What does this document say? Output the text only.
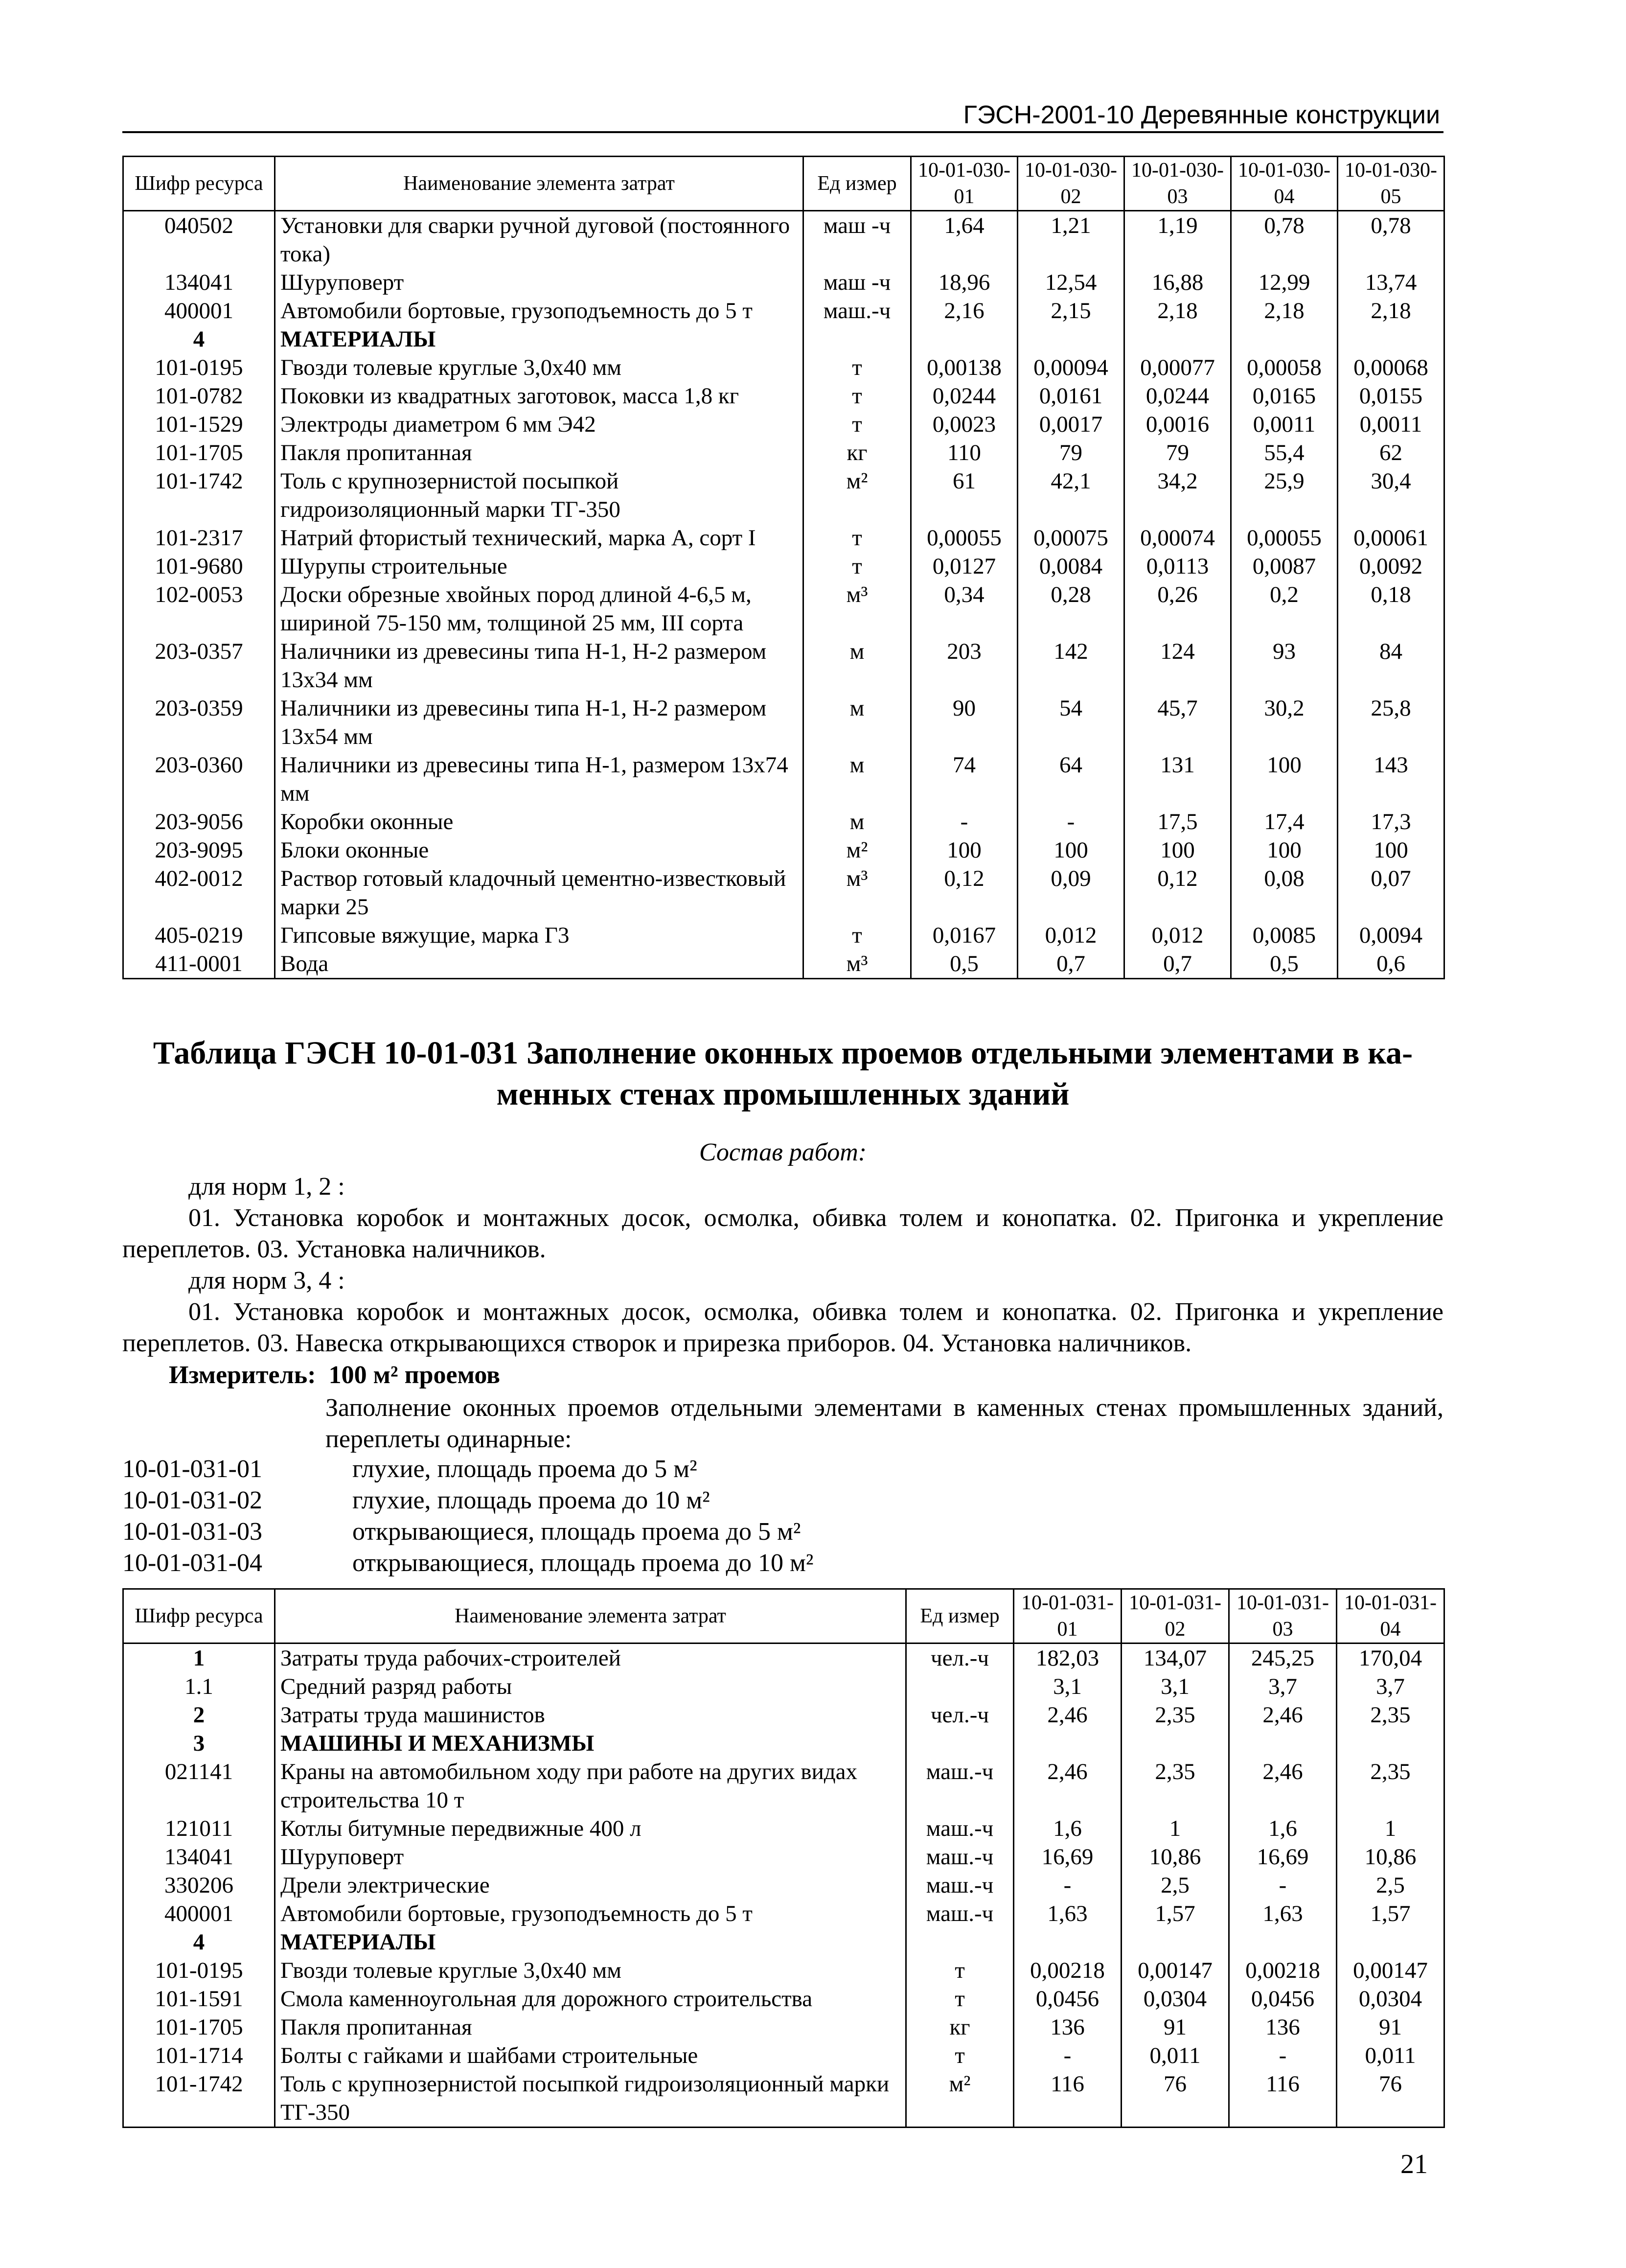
ГЭСН-2001-10 Деревянные конструкции
Шифр ресурса	Наименование элемента затрат	Ед измер	10-01-030-01	10-01-030-02	10-01-030-03	10-01-030-04	10-01-030-05
040502	Установки для сварки ручной дуговой (постоянного тока)	маш -ч	1,64	1,21	1,19	0,78	0,78
134041	Шуруповерт	маш -ч	18,96	12,54	16,88	12,99	13,74
400001	Автомобили бортовые, грузоподъемность до 5 т	маш.-ч	2,16	2,15	2,18	2,18	2,18
4	МАТЕРИАЛЫ						
101-0195	Гвозди толевые круглые 3,0х40 мм	т	0,00138	0,00094	0,00077	0,00058	0,00068
101-0782	Поковки из квадратных заготовок, масса 1,8 кг	т	0,0244	0,0161	0,0244	0,0165	0,0155
101-1529	Электроды диаметром 6 мм Э42	т	0,0023	0,0017	0,0016	0,0011	0,0011
101-1705	Пакля пропитанная	кг	110	79	79	55,4	62
101-1742	Толь с крупнозернистой посыпкой гидроизоляционный марки ТГ-350	м²	61	42,1	34,2	25,9	30,4
101-2317	Натрий фтористый технический, марка А, сорт I	т	0,00055	0,00075	0,00074	0,00055	0,00061
101-9680	Шурупы строительные	т	0,0127	0,0084	0,0113	0,0087	0,0092
102-0053	Доски обрезные хвойных пород длиной 4-6,5 м, шириной 75-150 мм, толщиной 25 мм, III сорта	м³	0,34	0,28	0,26	0,2	0,18
203-0357	Наличники из древесины типа Н-1, Н-2 размером 13х34 мм	м	203	142	124	93	84
203-0359	Наличники из древесины типа Н-1, Н-2 размером 13х54 мм	м	90	54	45,7	30,2	25,8
203-0360	Наличники из древесины типа Н-1, размером 13х74 мм	м	74	64	131	100	143
203-9056	Коробки оконные	м	-	-	17,5	17,4	17,3
203-9095	Блоки оконные	м²	100	100	100	100	100
402-0012	Раствор готовый кладочный цементно-известковый марки 25	м³	0,12	0,09	0,12	0,08	0,07
405-0219	Гипсовые вяжущие, марка Г3	т	0,0167	0,012	0,012	0,0085	0,0094
411-0001	Вода	м³	0,5	0,7	0,7	0,5	0,6
Таблица ГЭСН 10-01-031 Заполнение оконных проемов отдельными элементами в ка-
менных стенах промышленных зданий
Состав работ:
для норм 1, 2 :
01. Установка коробок и монтажных досок, осмолка, обивка толем и конопатка. 02. Пригонка и укрепление переплетов. 03. Установка наличников.
для норм 3, 4 :
01. Установка коробок и монтажных досок, осмолка, обивка толем и конопатка. 02. Пригонка и укрепление переплетов. 03. Навеска открывающихся створок и прирезка приборов. 04. Установка наличников.
Измеритель: 100 м² проемов
Заполнение оконных проемов отдельными элементами в каменных стенах промышленных зданий, переплеты одинарные:
10-01-031-01	глухие, площадь проема до 5 м²
10-01-031-02	глухие, площадь проема до 10 м²
10-01-031-03	открывающиеся, площадь проема до 5 м²
10-01-031-04	открывающиеся, площадь проема до 10 м²
Шифр ресурса	Наименование элемента затрат	Ед измер	10-01-031-01	10-01-031-02	10-01-031-03	10-01-031-04
1	Затраты труда рабочих-строителей	чел.-ч	182,03	134,07	245,25	170,04
1.1	Средний разряд работы		3,1	3,1	3,7	3,7
2	Затраты труда машинистов	чел.-ч	2,46	2,35	2,46	2,35
3	МАШИНЫ И МЕХАНИЗМЫ					
021141	Краны на автомобильном ходу при работе на других видах строительства 10 т	маш.-ч	2,46	2,35	2,46	2,35
121011	Котлы битумные передвижные 400 л	маш.-ч	1,6	1	1,6	1
134041	Шуруповерт	маш.-ч	16,69	10,86	16,69	10,86
330206	Дрели электрические	маш.-ч	-	2,5	-	2,5
400001	Автомобили бортовые, грузоподъемность до 5 т	маш.-ч	1,63	1,57	1,63	1,57
4	МАТЕРИАЛЫ					
101-0195	Гвозди толевые круглые 3,0х40 мм	т	0,00218	0,00147	0,00218	0,00147
101-1591	Смола каменноугольная для дорожного строительства	т	0,0456	0,0304	0,0456	0,0304
101-1705	Пакля пропитанная	кг	136	91	136	91
101-1714	Болты с гайками и шайбами строительные	т	-	0,011	-	0,011
101-1742	Толь с крупнозернистой посыпкой гидроизоляционный марки ТГ-350	м²	116	76	116	76
21
